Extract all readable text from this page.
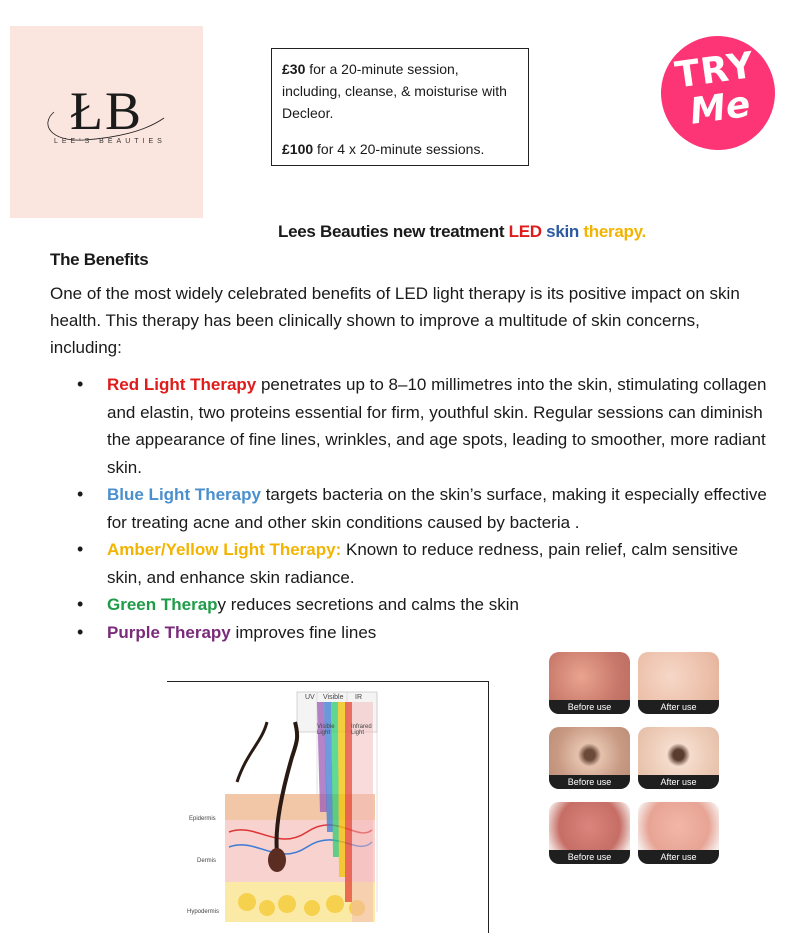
ŁB
LEE'S BEAUTIES

£30 for a 20-minute session, including, cleanse, & moisturise with Decleor.

£100 for 4 x 20-minute sessions.

TRY
Me
Lees Beauties new treatment LED skin therapy.
The Benefits

One of the most widely celebrated benefits of LED light therapy is its positive impact on skin health. This therapy has been clinically shown to improve a multitude of skin concerns, including:

• Red Light Therapy penetrates up to 8–10 millimetres into the skin, stimulating collagen and elastin, two proteins essential for firm, youthful skin. Regular sessions can diminish the appearance of fine lines, wrinkles, and age spots, leading to smoother, more radiant skin.
• Blue Light Therapy targets bacteria on the skin’s surface, making it especially effective for treating acne and other skin conditions caused by bacteria .
• Amber/Yellow Light Therapy: Known to reduce redness, pain relief, calm sensitive skin, and enhance skin radiance.
• Green Therapy reduces secretions and calms the skin
• Purple Therapy improves fine lines
UV Visible IR
Visible Light
Infrared Light
Epidermis
Dermis
Hypodermis
Before use	After use
Before use	After use
Before use	After use
